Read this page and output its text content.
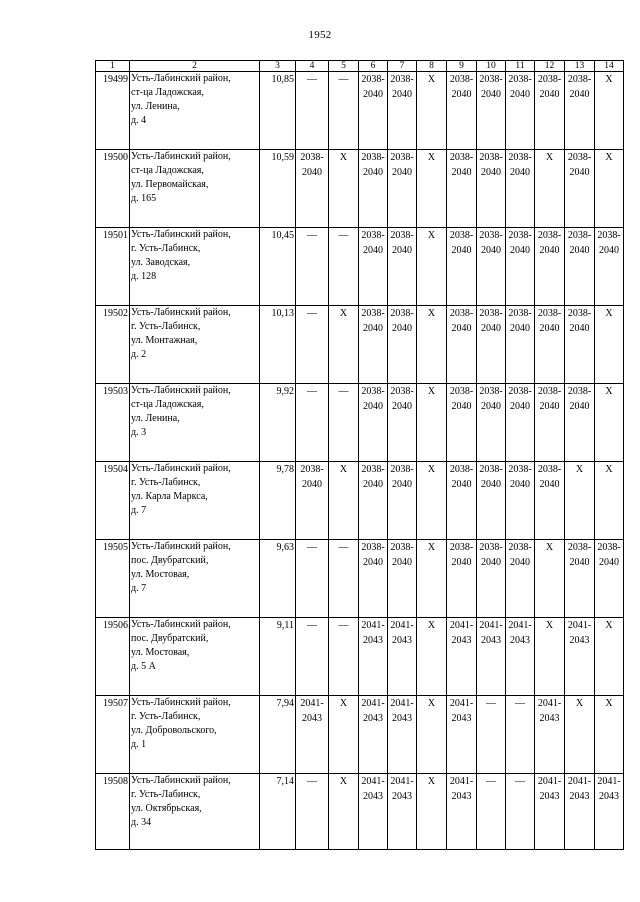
1952
1	2	3	4	5	6	7	8	9	10	11	12	13	14
19499	Усть-Лабинский район,
ст-ца Ладожская,
ул. Ленина,
д. 4	10,85	—	—	2038-
2040	2038-
2040	X	2038-
2040	2038-
2040	2038-
2040	2038-
2040	2038-
2040	X
19500	Усть-Лабинский район,
ст-ца Ладожская,
ул. Первомайская,
д. 165	10,59	2038-
2040	X	2038-
2040	2038-
2040	X	2038-
2040	2038-
2040	2038-
2040	X	2038-
2040	X
19501	Усть-Лабинский район,
г. Усть-Лабинск,
ул. Заводская,
д. 128	10,45	—	—	2038-
2040	2038-
2040	X	2038-
2040	2038-
2040	2038-
2040	2038-
2040	2038-
2040	2038-
2040

19502	Усть-Лабинский район,
г. Усть-Лабинск,
ул. Монтажная,
д. 2	10,13	—	X	2038-
2040	2038-
2040	X	2038-
2040	2038-
2040	2038-
2040	2038-
2040	2038-
2040	X
19503	Усть-Лабинский район,
ст-ца Ладожская,
ул. Ленина,
д. 3	9,92	—	—	2038-
2040	2038-
2040	X	2038-
2040	2038-
2040	2038-
2040	2038-
2040	2038-
2040	X
19504	Усть-Лабинский район,
г. Усть-Лабинск,
ул. Карла Маркса,
д. 7	9,78	2038-
2040	X	2038-
2040	2038-
2040	X	2038-
2040	2038-
2040	2038-
2040	2038-
2040	X	X
19505	Усть-Лабинский район,
пос. Двубратский,
ул. Мостовая,
д. 7	9,63	—	—	2038-
2040	2038-
2040	X	2038-
2040	2038-
2040	2038-
2040	X	2038-
2040	2038-
2040

19506	Усть-Лабинский район,
пос. Двубратский,
ул. Мостовая,
д. 5 А	9,11	—	—	2041-
2043	2041-
2043	X	2041-
2043	2041-
2043	2041-
2043	X	2041-
2043	X
19507	Усть-Лабинский район,
г. Усть-Лабинск,
ул. Добровольского,
д. 1	7,94	2041-
2043	X	2041-
2043	2041-
2043	X	2041-
2043	—	—	2041-
2043	X	X
19508	Усть-Лабинский район,
г. Усть-Лабинск,
ул. Октябрьская,
д. 34	7,14	—	X	2041-
2043	2041-
2043	X	2041-
2043	—	—	2041-
2043	2041-
2043	2041-
2043
